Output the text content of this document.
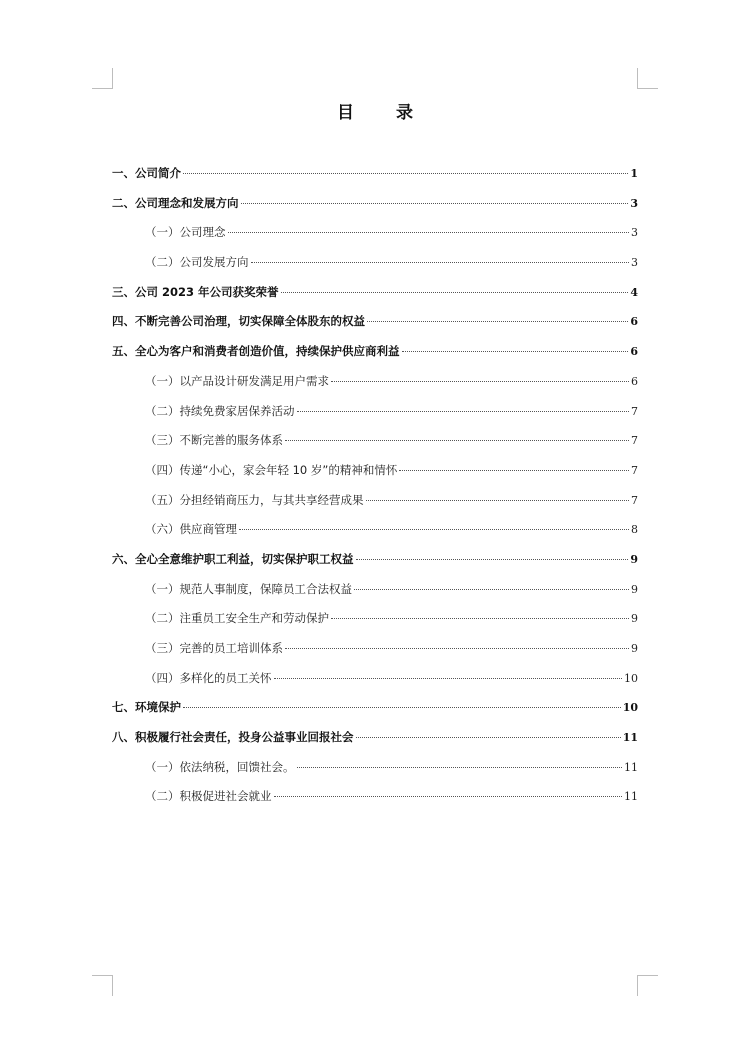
目 录
一、公司简介	1
二、公司理念和发展方向	3
（一）公司理念	3
（二）公司发展方向	3
三、公司 2023 年公司获奖荣誉	4
四、不断完善公司治理，切实保障全体股东的权益	6
五、全心为客户和消费者创造价值，持续保护供应商利益	6
（一）以产品设计研发满足用户需求	6
（二）持续免费家居保养活动	7
（三）不断完善的服务体系	7
（四）传递“小心，家会年轻 10 岁”的精神和情怀	7
（五）分担经销商压力，与其共享经营成果	7
（六）供应商管理	8
六、全心全意维护职工利益，切实保护职工权益	9
（一）规范人事制度，保障员工合法权益	9
（二）注重员工安全生产和劳动保护	9
（三）完善的员工培训体系	9
（四）多样化的员工关怀	10
七、环境保护	10
八、积极履行社会责任，投身公益事业回报社会	11
（一）依法纳税，回馈社会。	11
（二）积极促进社会就业	11
